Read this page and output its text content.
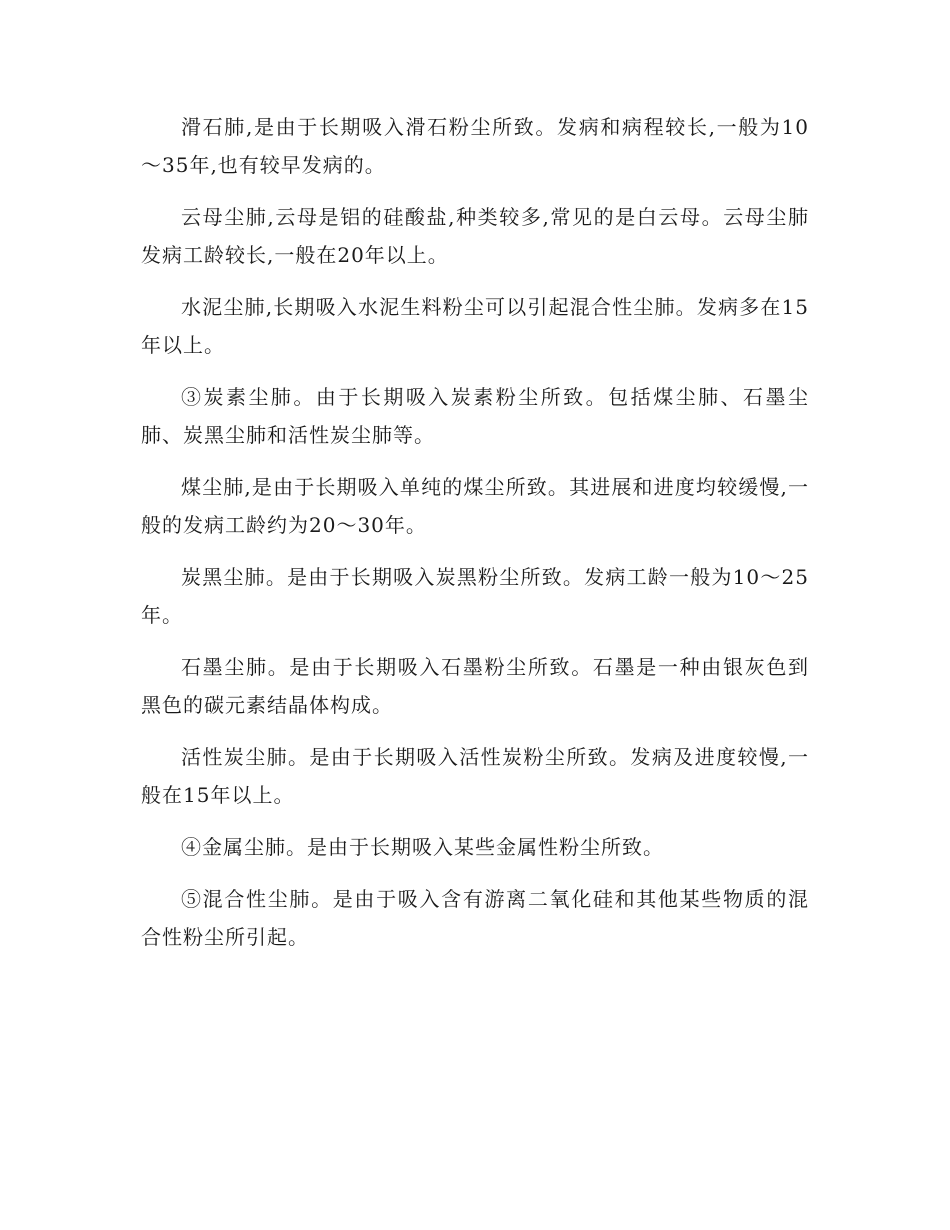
滑石肺,是由于长期吸入滑石粉尘所致。发病和病程较长,一般为10～35年,也有较早发病的。

云母尘肺,云母是铝的硅酸盐,种类较多,常见的是白云母。云母尘肺发病工龄较长,一般在20年以上。

水泥尘肺,长期吸入水泥生料粉尘可以引起混合性尘肺。发病多在15年以上。

③炭素尘肺。由于长期吸入炭素粉尘所致。包括煤尘肺、石墨尘肺、炭黑尘肺和活性炭尘肺等。

煤尘肺,是由于长期吸入单纯的煤尘所致。其进展和进度均较缓慢,一般的发病工龄约为20～30年。

炭黑尘肺。是由于长期吸入炭黑粉尘所致。发病工龄一般为10～25年。

石墨尘肺。是由于长期吸入石墨粉尘所致。石墨是一种由银灰色到黑色的碳元素结晶体构成。

活性炭尘肺。是由于长期吸入活性炭粉尘所致。发病及进度较慢,一般在15年以上。

④金属尘肺。是由于长期吸入某些金属性粉尘所致。

⑤混合性尘肺。是由于吸入含有游离二氧化硅和其他某些物质的混合性粉尘所引起。
